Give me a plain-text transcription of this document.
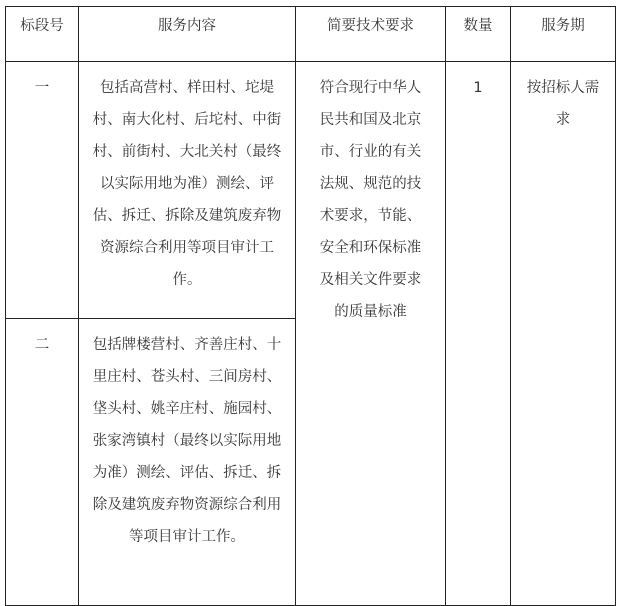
标段号	服务内容	简要技术要求	数量	服务期
一	包括高营村、样田村、坨堤村、南大化村、后坨村、中街村、前街村、大北关村（最终以实际用地为准）测绘、评估、拆迁、拆除及建筑废弃物资源综合利用等项目审计工作。	符合现行中华人民共和国及北京市、行业的有关法规、规范的技术要求，节能、安全和环保标准及相关文件要求的质量标准	1	按招标人需求

二	包括牌楼营村、齐善庄村、十里庄村、苍头村、三间房村、垡头村、姚辛庄村、施园村、张家湾镇村（最终以实际用地为准）测绘、评估、拆迁、拆除及建筑废弃物资源综合利用等项目审计工作。			
